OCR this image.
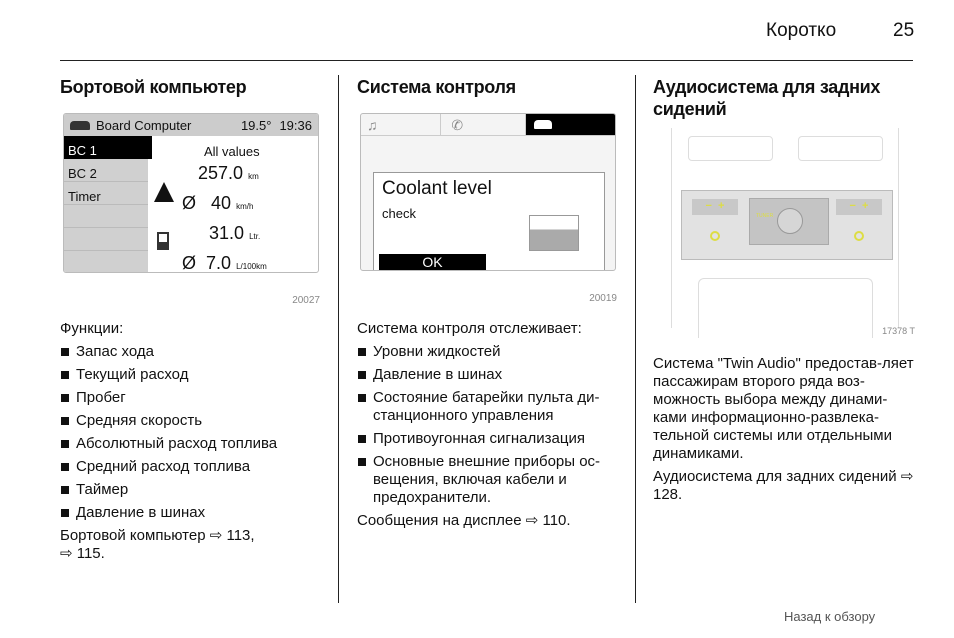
Коротко	25
Бортовой компьютер
Board Computer	19.5° 19:36
BC 1
BC 2
Timer
All values
257.0 km
Ø 40 km/h
31.0 Ltr.
Ø 7.0 L/100km
20027

Функции:

Запас хода
Текущий расход
Пробег
Средняя скорость
Абсолютный расход топлива
Средний расход топлива
Таймер
Давление в шинах

Бортовой компьютер ⇨ 113,

⇨ 115.

Система контроля
♫	✆
Coolant level
check
OK
20019

Система контроля отслеживает:

Уровни жидкостей
Давление в шинах
Состояние батарейки пульта ди-станционного управления
Противоугонная сигнализация
Основные внешние приборы ос-вещения, включая кабели и предохранители.

Сообщения на дисплее ⇨ 110.

Аудиосистема для задних сидений
−  +	−  +
TUNER
17378 T

Система "Twin Audio" предостав-ляет пассажирам второго ряда воз-можность выбора между динами-ками информационно-развлека-тельной системы или отдельными динамиками.

Аудиосистема для задних сидений ⇨ 128.

Назад к обзору
